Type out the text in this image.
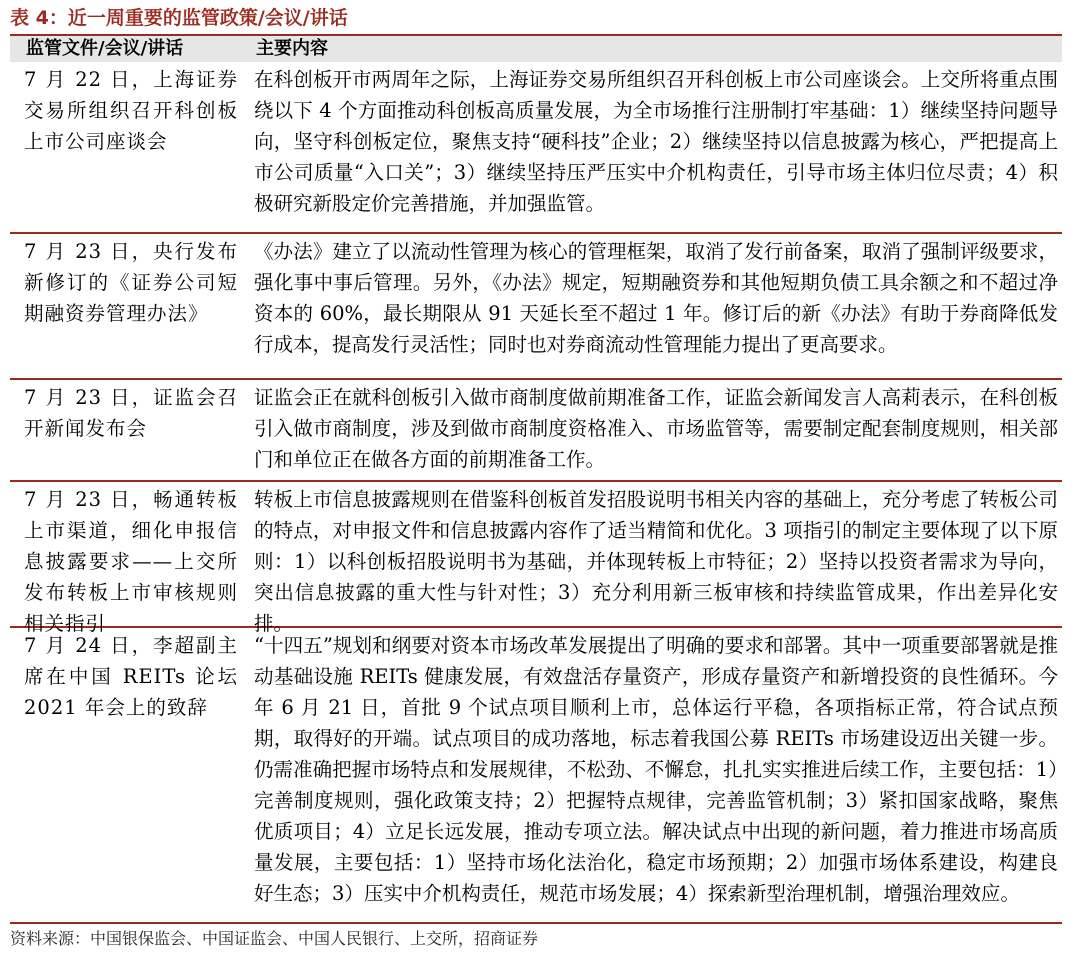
表 4：近一周重要的监管政策/会议/讲话
监管文件/会议/讲话	主要内容
7 月 22 日，上海证券交易所组织召开科创板上市公司座谈会
在科创板开市两周年之际，上海证券交易所组织召开科创板上市公司座谈会。上交所将重点围绕以下 4 个方面推动科创板高质量发展，为全市场推行注册制打牢基础：1）继续坚持问题导向，坚守科创板定位，聚焦支持“硬科技”企业；2）继续坚持以信息披露为核心，严把提高上市公司质量“入口关”；3）继续坚持压严压实中介机构责任，引导市场主体归位尽责；4）积极研究新股定价完善措施，并加强监管。
7 月 23 日，央行发布新修订的《证券公司短期融资券管理办法》
《办法》建立了以流动性管理为核心的管理框架，取消了发行前备案，取消了强制评级要求，强化事中事后管理。另外，《办法》规定，短期融资券和其他短期负债工具余额之和不超过净资本的 60%，最长期限从 91 天延长至不超过 1 年。修订后的新《办法》有助于券商降低发行成本，提高发行灵活性；同时也对券商流动性管理能力提出了更高要求。
7 月 23 日，证监会召开新闻发布会
证监会正在就科创板引入做市商制度做前期准备工作，证监会新闻发言人高莉表示，在科创板引入做市商制度，涉及到做市商制度资格准入、市场监管等，需要制定配套制度规则，相关部门和单位正在做各方面的前期准备工作。
7 月 23 日，畅通转板上市渠道，细化申报信息披露要求——上交所发布转板上市审核规则相关指引
转板上市信息披露规则在借鉴科创板首发招股说明书相关内容的基础上，充分考虑了转板公司的特点，对申报文件和信息披露内容作了适当精简和优化。3 项指引的制定主要体现了以下原则：1）以科创板招股说明书为基础，并体现转板上市特征；2）坚持以投资者需求为导向，突出信息披露的重大性与针对性；3）充分利用新三板审核和持续监管成果，作出差异化安排。
7 月 24 日，李超副主席在中国 REITs 论坛 2021 年会上的致辞
“十四五”规划和纲要对资本市场改革发展提出了明确的要求和部署。其中一项重要部署就是推动基础设施 REITs 健康发展，有效盘活存量资产，形成存量资产和新增投资的良性循环。今年 6 月 21 日，首批 9 个试点项目顺利上市，总体运行平稳，各项指标正常，符合试点预期，取得好的开端。试点项目的成功落地，标志着我国公募 REITs 市场建设迈出关键一步。仍需准确把握市场特点和发展规律，不松劲、不懈怠，扎扎实实推进后续工作，主要包括：1）完善制度规则，强化政策支持；2）把握特点规律，完善监管机制；3）紧扣国家战略，聚焦优质项目；4）立足长远发展，推动专项立法。解决试点中出现的新问题，着力推进市场高质量发展，主要包括：1）坚持市场化法治化，稳定市场预期；2）加强市场体系建设，构建良好生态；3）压实中介机构责任，规范市场发展；4）探索新型治理机制，增强治理效应。
资料来源：中国银保监会、中国证监会、中国人民银行、上交所，招商证券
